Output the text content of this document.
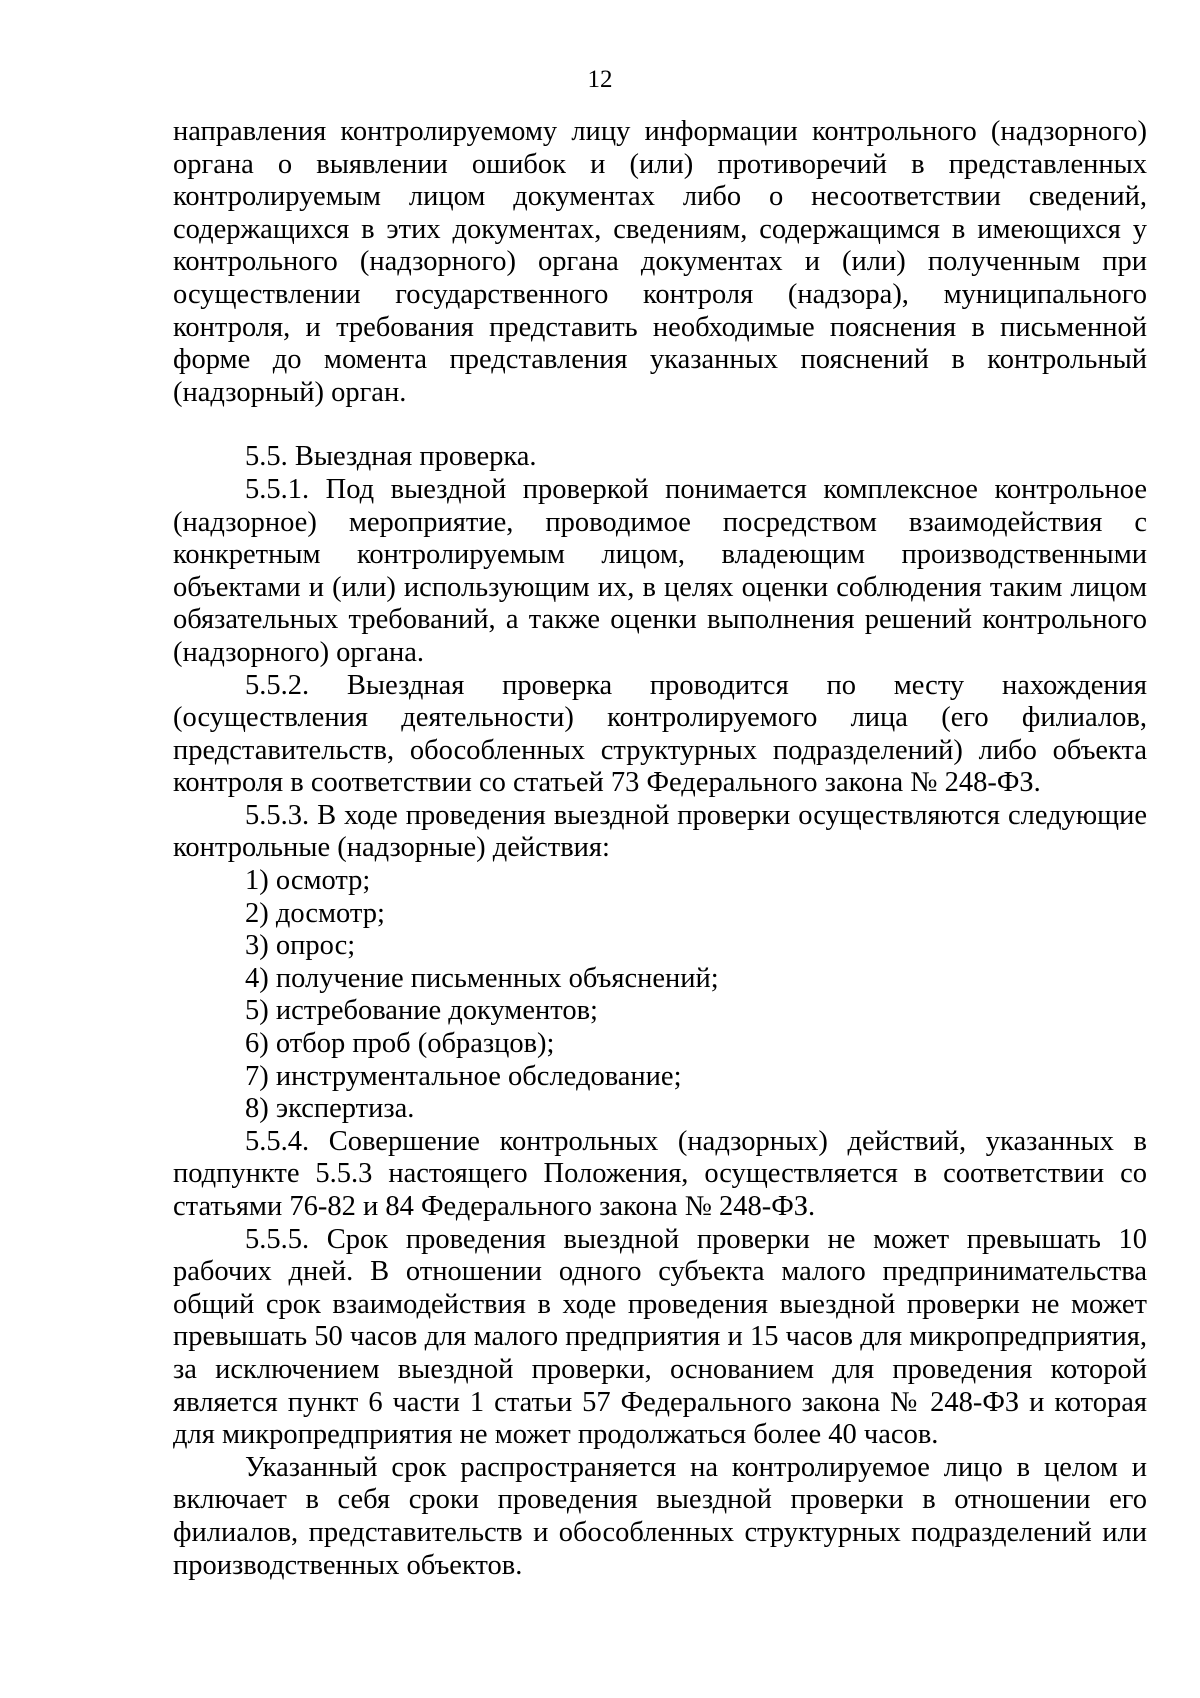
12

направления контролируемому лицу информации контрольного (надзорного) органа о выявлении ошибок и (или) противоречий в представленных контролируемым лицом документах либо о несоответствии сведений, содержащихся в этих документах, сведениям, содержащимся в имеющихся у контрольного (надзорного) органа документах и (или) полученным при осуществлении государственного контроля (надзора), муниципального контроля, и требования представить необходимые пояснения в письменной форме до момента представления указанных пояснений в контрольный (надзорный) орган.

5.5. Выездная проверка.

5.5.1. Под выездной проверкой понимается комплексное контрольное (надзорное) мероприятие, проводимое посредством взаимодействия с конкретным контролируемым лицом, владеющим производственными объектами и (или) использующим их, в целях оценки соблюдения таким лицом обязательных требований, а также оценки выполнения решений контрольного (надзорного) органа.

5.5.2. Выездная проверка проводится по месту нахождения (осуществления деятельности) контролируемого лица (его филиалов, представительств, обособленных структурных подразделений) либо объекта контроля в соответствии со статьей 73 Федерального закона № 248-ФЗ.

5.5.3. В ходе проведения выездной проверки осуществляются следующие контрольные (надзорные) действия:

1) осмотр;

2) досмотр;

3) опрос;

4) получение письменных объяснений;

5) истребование документов;

6) отбор проб (образцов);

7) инструментальное обследование;

8) экспертиза.

5.5.4. Совершение контрольных (надзорных) действий, указанных в подпункте 5.5.3 настоящего Положения, осуществляется в соответствии со статьями 76-82 и 84 Федерального закона № 248-ФЗ.

5.5.5. Срок проведения выездной проверки не может превышать 10 рабочих дней. В отношении одного субъекта малого предпринимательства общий срок взаимодействия в ходе проведения выездной проверки не может превышать 50 часов для малого предприятия и 15 часов для микропредприятия, за исключением выездной проверки, основанием для проведения которой является пункт 6 части 1 статьи 57 Федерального закона № 248-ФЗ и которая для микропредприятия не может продолжаться более 40 часов.

Указанный срок распространяется на контролируемое лицо в целом и включает в себя сроки проведения выездной проверки в отношении его филиалов, представительств и обособленных структурных подразделений или производственных объектов.
